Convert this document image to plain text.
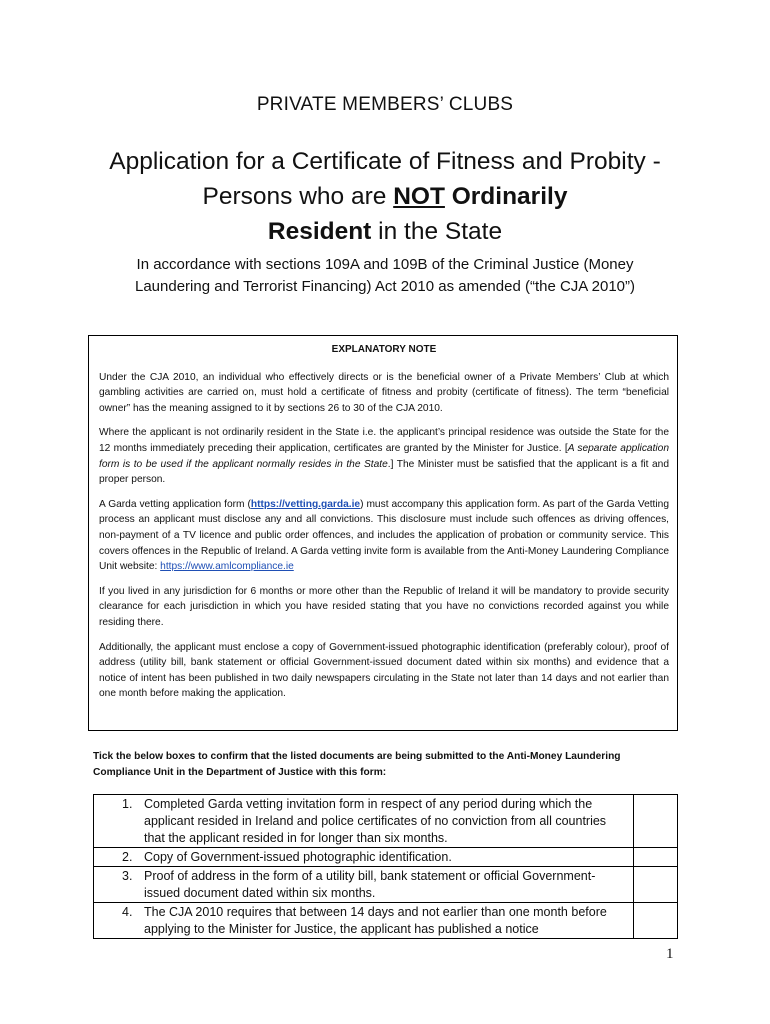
PRIVATE MEMBERS’ CLUBS
Application for a Certificate of Fitness and Probity - Persons who are NOT Ordinarily
Resident in the State
In accordance with sections 109A and 109B of the Criminal Justice (Money Laundering and Terrorist Financing) Act 2010 as amended (“the CJA 2010”)
EXPLANATORY NOTE

Under the CJA 2010, an individual who effectively directs or is the beneficial owner of a Private Members’ Club at which gambling activities are carried on, must hold a certificate of fitness and probity (certificate of fitness). The term “beneficial owner” has the meaning assigned to it by sections 26 to 30 of the CJA 2010.

Where the applicant is not ordinarily resident in the State i.e. the applicant’s principal residence was outside the State for the 12 months immediately preceding their application, certificates are granted by the Minister for Justice. [A separate application form is to be used if the applicant normally resides in the State.] The Minister must be satisfied that the applicant is a fit and proper person.

A Garda vetting application form (https://vetting.garda.ie) must accompany this application form. As part of the Garda Vetting process an applicant must disclose any and all convictions. This disclosure must include such offences as driving offences, non-payment of a TV licence and public order offences, and includes the application of probation or community service. This covers offences in the Republic of Ireland. A Garda vetting invite form is available from the Anti-Money Laundering Compliance Unit website: https://www.amlcompliance.ie

If you lived in any jurisdiction for 6 months or more other than the Republic of Ireland it will be mandatory to provide security clearance for each jurisdiction in which you have resided stating that you have no convictions recorded against you while residing there.

Additionally, the applicant must enclose a copy of Government-issued photographic identification (preferably colour), proof of address (utility bill, bank statement or official Government-issued document dated within six months) and evidence that a notice of intent has been published in two daily newspapers circulating in the State not later than 14 days and not earlier than one month before making the application.

Tick the below boxes to confirm that the listed documents are being submitted to the Anti-Money Laundering Compliance Unit in the Department of Justice with this form:
1. Completed Garda vetting invitation form in respect of any period during which the applicant resided in Ireland and police certificates of no conviction from all countries that the applicant resided in for longer than six months.	

2. Copy of Government-issued photographic identification.	

3. Proof of address in the form of a utility bill, bank statement or official Government-issued document dated within six months.	

4. The CJA 2010 requires that between 14 days and not earlier than one month before applying to the Minister for Justice, the applicant has published a notice	

1
